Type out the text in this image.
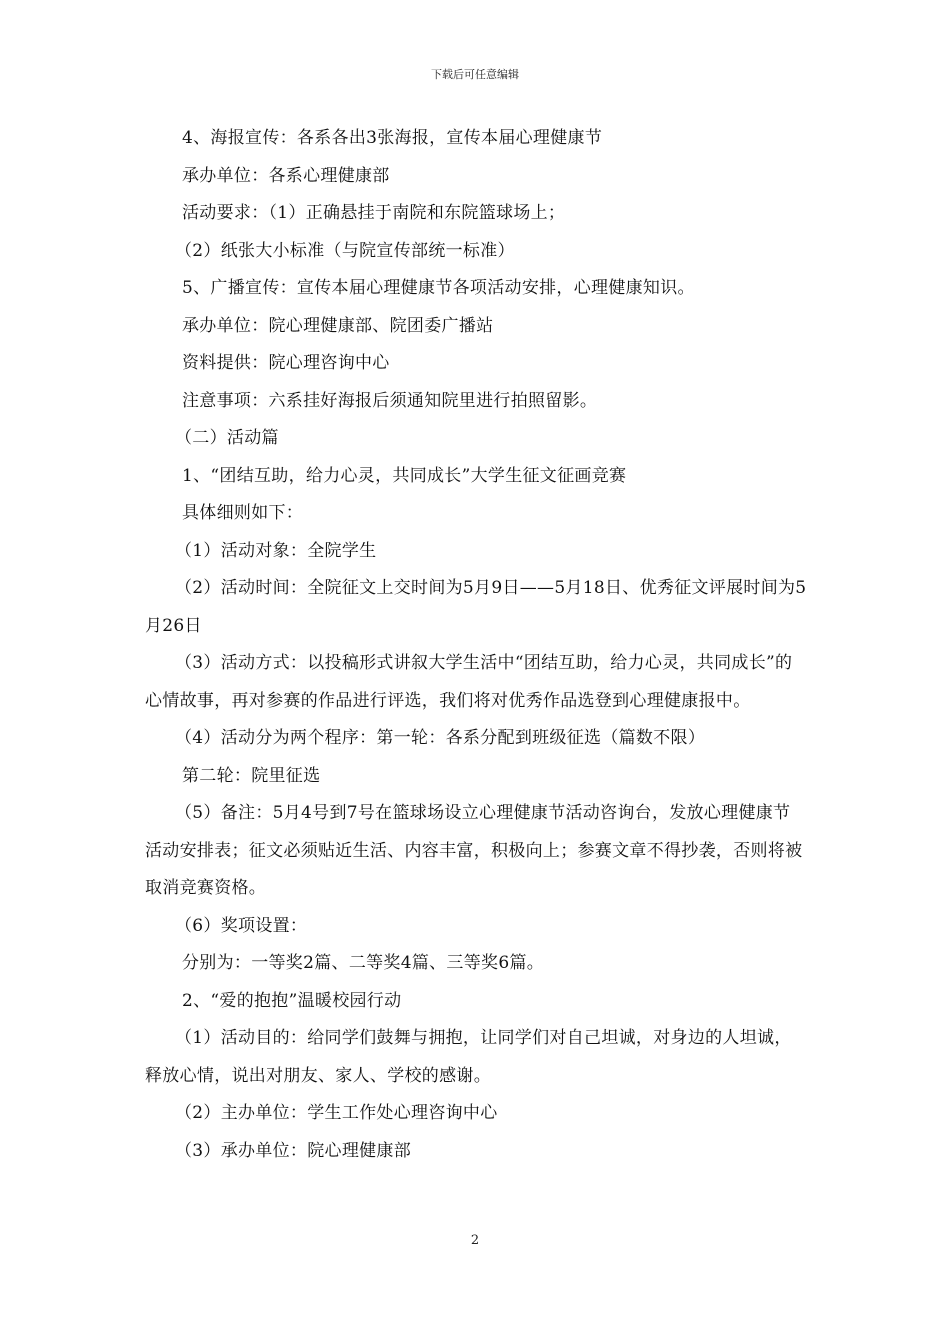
下载后可任意编辑

4、海报宣传：各系各出3张海报，宣传本届心理健康节

承办单位：各系心理健康部

活动要求：（1）正确悬挂于南院和东院篮球场上；

（2）纸张大小标准（与院宣传部统一标准）

5、广播宣传：宣传本届心理健康节各项活动安排，心理健康知识。

承办单位：院心理健康部、院团委广播站

资料提供：院心理咨询中心

注意事项：六系挂好海报后须通知院里进行拍照留影。

（二）活动篇

1、“团结互助，给力心灵，共同成长”大学生征文征画竞赛

具体细则如下：

（1）活动对象：全院学生

（2）活动时间：全院征文上交时间为5月9日——5月18日、优秀征文评展时间为5月26日

（3）活动方式：以投稿形式讲叙大学生活中“团结互助，给力心灵，共同成长”的心情故事，再对参赛的作品进行评选，我们将对优秀作品选登到心理健康报中。

（4）活动分为两个程序：第一轮：各系分配到班级征选（篇数不限）

第二轮：院里征选

（5）备注：5月4号到7号在篮球场设立心理健康节活动咨询台，发放心理健康节活动安排表；征文必须贴近生活、内容丰富，积极向上；参赛文章不得抄袭，否则将被取消竞赛资格。

（6）奖项设置：

分别为：一等奖2篇、二等奖4篇、三等奖6篇。

2、“爱的抱抱”温暖校园行动

（1）活动目的：给同学们鼓舞与拥抱，让同学们对自己坦诚，对身边的人坦诚，释放心情，说出对朋友、家人、学校的感谢。

（2）主办单位：学生工作处心理咨询中心

（3）承办单位：院心理健康部

2
